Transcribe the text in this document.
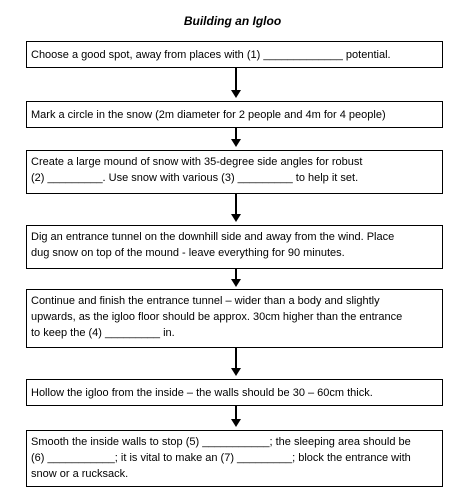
Building an Igloo
Choose a good spot, away from places with (1) _____________ potential.
Mark a circle in the snow (2m diameter for 2 people and 4m for 4 people)
Create a large mound of snow with 35-degree side angles for robust
(2) _________. Use snow with various (3) _________ to help it set.
Dig an entrance tunnel on the downhill side and away from the wind. Place
dug snow on top of the mound - leave everything for 90 minutes.
Continue and finish the entrance tunnel – wider than a body and slightly
upwards, as the igloo floor should be approx. 30cm higher than the entrance
to keep the (4) _________ in.
Hollow the igloo from the inside – the walls should be 30 – 60cm thick.
Smooth the inside walls to stop (5) ___________; the sleeping area should be
(6) ___________; it is vital to make an (7) _________; block the entrance with
snow or a rucksack.
